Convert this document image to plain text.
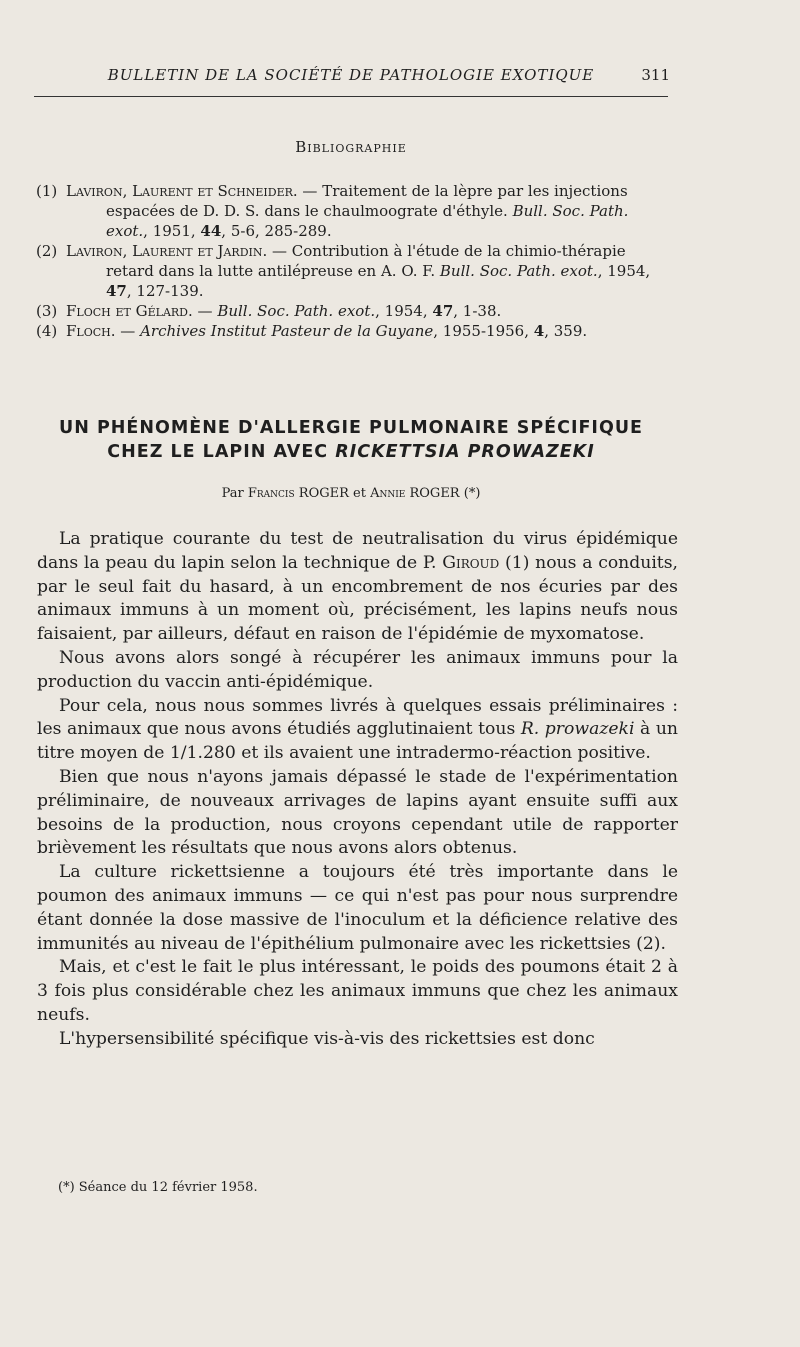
BULLETIN DE LA SOCIÉTÉ DE PATHOLOGIE EXOTIQUE	311
Bibliographie

(1) Laviron, Laurent et Schneider. — Traitement de la lèpre par les injections espacées de D. D. S. dans le chaulmoograte d'éthyle. Bull. Soc. Path. exot., 1951, 44, 5-6, 285-289.

(2) Laviron, Laurent et Jardin. — Contribution à l'étude de la chimio-thérapie retard dans la lutte antilépreuse en A. O. F. Bull. Soc. Path. exot., 1954, 47, 127-139.

(3) Floch et Gélard. — Bull. Soc. Path. exot., 1954, 47, 1-38.

(4) Floch. — Archives Institut Pasteur de la Guyane, 1955-1956, 4, 359.

UN PHÉNOMÈNE D'ALLERGIE PULMONAIRE SPÉCIFIQUE
CHEZ LE LAPIN AVEC RICKETTSIA PROWAZEKI
Par Francis ROGER et Annie ROGER (*)

La pratique courante du test de neutralisation du virus épidémique dans la peau du lapin selon la technique de P. Giroud (1) nous a conduits, par le seul fait du hasard, à un encombrement de nos écuries par des animaux immuns à un moment où, précisément, les lapins neufs nous faisaient, par ailleurs, défaut en raison de l'épidémie de myxomatose.

Nous avons alors songé à récupérer les animaux immuns pour la production du vaccin anti-épidémique.

Pour cela, nous nous sommes livrés à quelques essais préliminaires : les animaux que nous avons étudiés agglutinaient tous R. prowazeki à un titre moyen de 1/1.280 et ils avaient une intradermo-réaction positive.

Bien que nous n'ayons jamais dépassé le stade de l'expérimentation préliminaire, de nouveaux arrivages de lapins ayant ensuite suffi aux besoins de la production, nous croyons cependant utile de rapporter brièvement les résultats que nous avons alors obtenus.

La culture rickettsienne a toujours été très importante dans le poumon des animaux immuns — ce qui n'est pas pour nous surprendre étant donnée la dose massive de l'inoculum et la déficience relative des immunités au niveau de l'épithélium pulmonaire avec les rickettsies (2).

Mais, et c'est le fait le plus intéressant, le poids des poumons était 2 à 3 fois plus considérable chez les animaux immuns que chez les animaux neufs.

L'hypersensibilité spécifique vis-à-vis des rickettsies est donc

(*) Séance du 12 février 1958.
